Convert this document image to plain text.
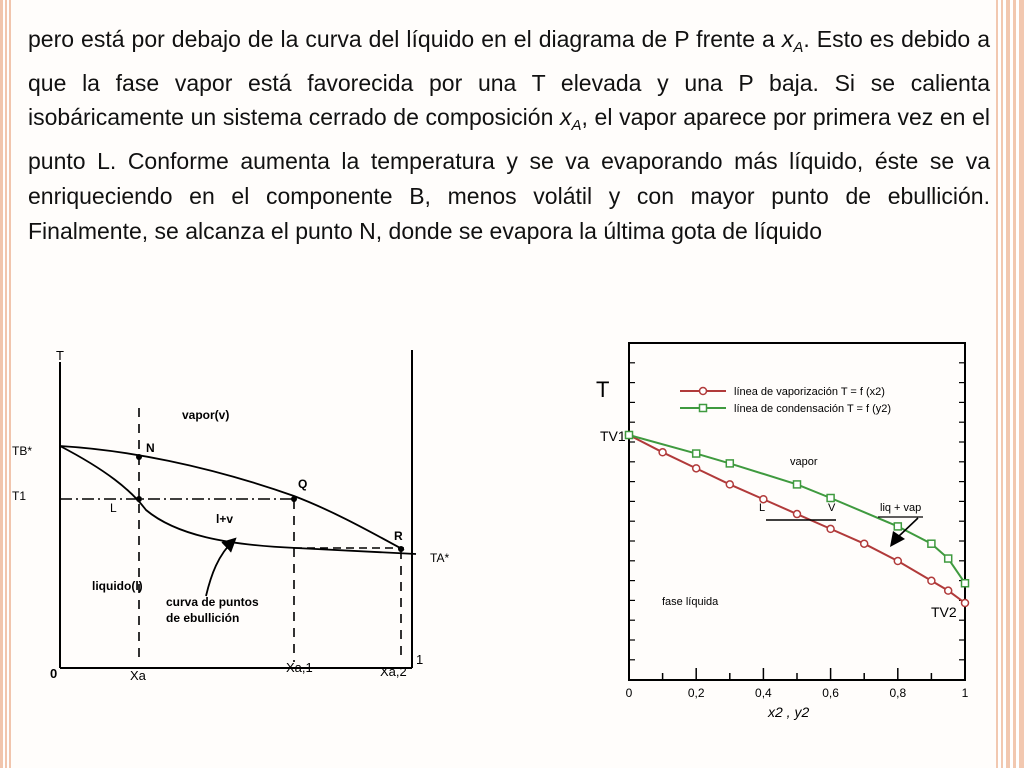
pero está por debajo de la curva del líquido en el diagrama de P frente a $x_A$. Esto es debido a que la fase vapor está favorecida por una T elevada y una P baja. Si se calienta isobáricamente un sistema cerrado de composición $x_A$, el vapor aparece por primera vez en el punto L. Conforme aumenta la temperatura y se va evaporando más líquido, éste se va enriqueciendo en el componente B, menos volátil y con mayor punto de ebullición. Finalmente, se alcanza el punto N, donde se evapora la última gota de líquido
T
TB*
T1
TA*
0
1
Xa
Xa,1	Xa,2
N
L
Q
R
vapor(v)
l+v
liquido(l)
curva de puntos
de ebullición
0	0,2	0,4	0,6	0,8	1
T
x2 , y2
línea de vaporización T = f (x2)
línea de condensación T = f (y2)
TV1
TV2
vapor
fase líquida
L	V	liq + vap
